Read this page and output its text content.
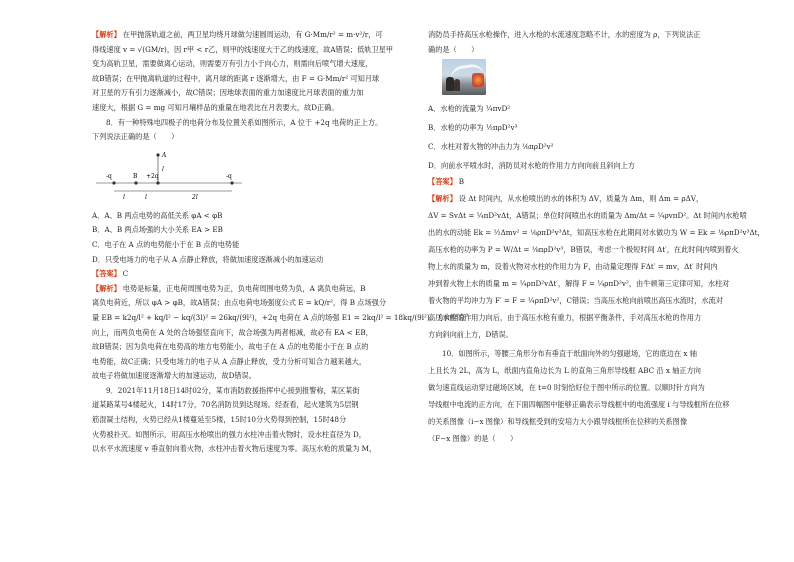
【解析】 在甲抛落轨道之前，两卫星均绕月球做匀速圆周运动，有 G·Mm/r² = m·v²/r，可
得线速度 v = √(GM/r)，因 r甲 < r乙，则甲的线速度大于乙的线速度，故A错误；低轨卫星甲
变为高轨卫星，需要做离心运动，则需要万有引力小于向心力，则需向后喷气增大速度，
故B错误；在甲抛离轨道的过程中，离月球的距离 r 逐渐增大，由 F = G·Mm/r² 可知月球
对卫星的万有引力逐渐减小，故C错误；因地球表面的重力加速度比月球表面的重力加
速度大，根据 G = mg 可知月壤样品的重量在地表比在月表要大，故D正确。
8．有一种特殊电四极子的电荷分布及位置关系如图所示，A 位于 +2q 电荷的正上方。
下列说法正确的是（　　）
-q	B +2q	-q
A
l
l	l	2l
A．A、B 两点电势的高低关系 φA < φB
B．A、B 两点场强的大小关系 EA > EB
C．电子在 A 点的电势能小于在 B 点的电势能
D．只受电场力的电子从 A 点静止释放，将做加速度逐渐减小的加速运动
【答案】 C
【解析】 电势是标量，正电荷周围电势为正，负电荷周围电势为负，A 离负电荷远，B
离负电荷近，所以 φA > φB，故A错误；由点电荷电场强度公式 E = kQ/r²，得 B 点场强分
量 EB = k2q/l² + kq/l² − kq/(3l)² = 26kq/(9l²)，+2q 电荷在 A 点的场强 E1 = 2kq/l² = 18kq/(9l²)，方向竖直
向上，而两负电荷在 A 处的合场强竖直向下，故合场强为两者相减，故必有 EA < EB，
故B错误；因为负电荷在电势高的地方电势能小，故电子在 A 点的电势能小于在 B 点的
电势能，故C正确；只受电场力的电子从 A 点静止释放，受力分析可知合力越来越大，
故电子将做加速度逐渐增大的加速运动，故D错误。
9．2021年11月18日14时02分，某市消防救援指挥中心接到报警称，某区某街
道某路某号4楼起火，14时17分，70名消防员到达现场。经查看，起火建筑为5层钢
筋混凝土结构，火势已经从1楼蔓延至5楼，15时10分火势得到控制，15时48分
火势被扑灭。如图所示，用高压水枪喷出的强力水柱冲击着火物时，设水柱直径为 D，
以水平水流速度 v 垂直射向着火物，水柱冲击着火物后速度为零。高压水枪的质量为 M，
消防员手持高压水枪操作，进入水枪的水流速度忽略不计，水的密度为 ρ，下列说法正
确的是（　　）
A．水枪的流量为 ¼πvD²
B．水枪的功率为 ½πρD²v³
C．水柱对着火物的冲击力为 ⅛πρD²v²
D．向前水平喷水时，消防员对水枪的作用力方向向前且斜向上方
【答案】 B
【解析】 设 Δt 时间内，从水枪喷出的水的体积为 ΔV，质量为 Δm，则 Δm = ρΔV，
ΔV = SvΔt = ¼πD²vΔt，A错误；单位时间喷出水的质量为 Δm/Δt = ¼ρvπD²。Δt 时间内水枪喷
出的水的动能 Ek = ½Δmv² = ⅛ρπD²v³Δt，知高压水枪在此期间对水做功为 W = Ek = ⅛ρπD²v³Δt，
高压水枪的功率为 P = W/Δt = ⅛πρD²v³，B错误，考虑一个极短时间 Δt′，在此时间内喷到着火
物上水的质量为 m，设着火物对水柱的作用力为 F，由动量定理得 FΔt′ = mv，Δt′ 时间内
冲到着火物上水的质量 m = ¼ρπD²vΔt′，解得 F = ¼ρπD²v²，由牛顿第三定律可知，水柱对
着火物的平均冲力为 F′ = F = ¼ρπD²v²，C错误；当高压水枪向前喷出高压水流时，水流对
高压水枪的作用力向后，由于高压水枪有重力，根据平衡条件，手对高压水枪的作用力
方向斜向前上方，D错误。
10．如图所示，等腰三角形分布有垂直于纸面向外的匀强磁场，它的底边在 x 轴
上且长为 2L，高为 L，纸面内直角边长为 L 的直角三角形导线框 ABC 沿 x 轴正方向
做匀速直线运动穿过磁场区域，在 t=0 时刻恰好位于图中所示的位置。以顺时针方向为
导线框中电流的正方向，在下面四幅图中能够正确表示导线框中的电流强度 i 与导线框所在位移
的关系图像（i−x 图像）和导线框受到的安培力大小跟导线框所在位移的关系图像
（F−x 图像）的是（　　）
